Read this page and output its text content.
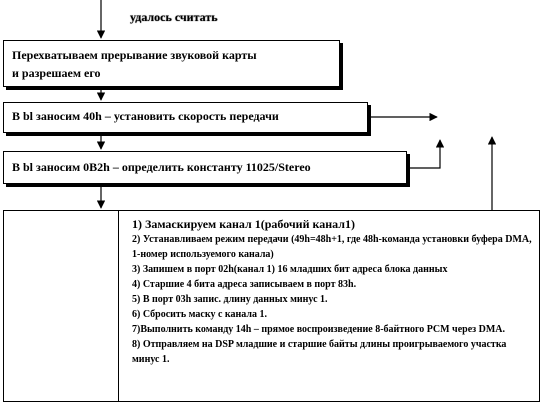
удалось считать
Перехватываем прерывание звуковой карты
и разрешаем его
В bl заносим 40h – установить скорость передачи
В bl заносим 0B2h – определить константу 11025/Stereo
1) Замаскируем канал 1(рабочий канал1)
2) Устанавливаем режим передачи (49h=48h+1, где 48h-команда установки буфера DMA, 1-номер используемого канала)
3) Запишем в порт 02h(канал 1) 16 младших бит адреса блока данных
4) Старшие 4 бита адреса записываем в порт 83h.
5) В порт 03h запис. длину данных минус 1.
6) Сбросить маску с канала 1.
7)Выполнить команду 14h – прямое воспроизведение 8-байтного PCM через DMA.
8) Отправляем на DSP младшие и старшие байты длины проигрываемого участка минус 1.
